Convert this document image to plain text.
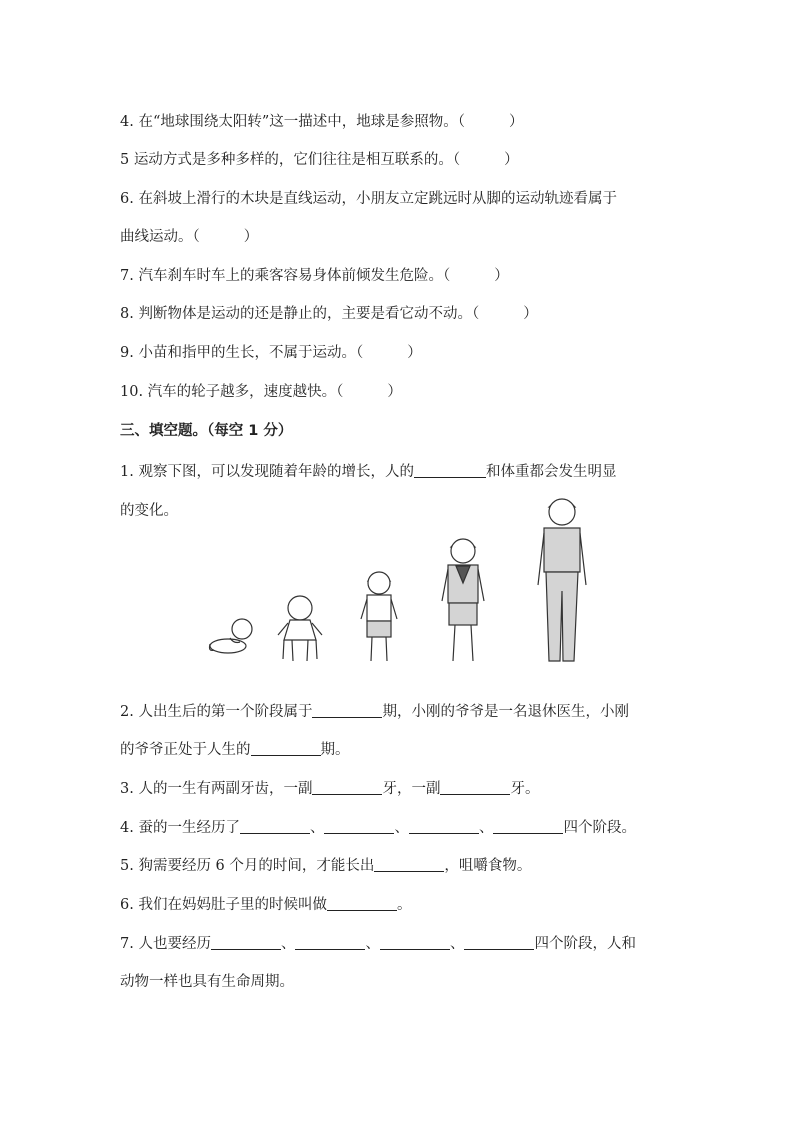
4. 在“地球围绕太阳转”这一描述中，地球是参照物。（	）
5 运动方式是多种多样的，它们往往是相互联系的。（	）
6. 在斜坡上滑行的木块是直线运动，小朋友立定跳远时从脚的运动轨迹看属于
曲线运动。（	）
7. 汽车刹车时车上的乘客容易身体前倾发生危险。（	）
8. 判断物体是运动的还是静止的，主要是看它动不动。（	）
9. 小苗和指甲的生长，不属于运动。（	）
10. 汽车的轮子越多，速度越快。（	）
三、填空题。（每空 1 分）
1. 观察下图，可以发现随着年龄的增长，人的	和体重都会发生明显
的变化。
2. 人出生后的第一个阶段属于	期，小刚的爷爷是一名退休医生，小刚
的爷爷正处于人生的	期。
3. 人的一生有两副牙齿，一副	牙，一副	牙。
4. 蚕的一生经历了	、	、	、	四个阶段。
5. 狗需要经历 6 个月的时间，才能长出	，咀嚼食物。
6. 我们在妈妈肚子里的时候叫做	。
7. 人也要经历	、	、	、	四个阶段，人和
动物一样也具有生命周期。
